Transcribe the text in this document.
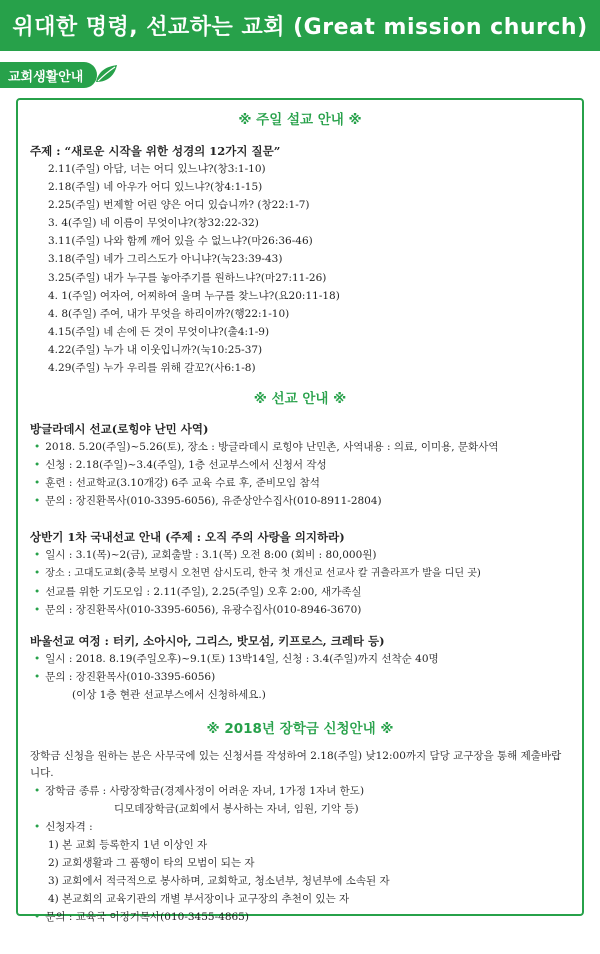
위대한 명령, 선교하는 교회 (Great mission church)
교회생활안내
※ 주일 설교 안내 ※
주제 : “새로운 시작을 위한 성경의 12가지 질문”
2.11(주일) 아담, 너는 어디 있느냐?(창3:1-10)
2.18(주일) 네 아우가 어디 있느냐?(창4:1-15)
2.25(주일) 번제할 어린 양은 어디 있습니까? (창22:1-7)
3. 4(주일) 네 이름이 무엇이냐?(창32:22-32)
3.11(주일) 나와 함께 깨어 있을 수 없느냐?(마26:36-46)
3.18(주일) 네가 그리스도가 아니냐?(눅23:39-43)
3.25(주일) 내가 누구를 놓아주기를 원하느냐?(마27:11-26)
4. 1(주일) 여자여, 어찌하여 울며 누구를 찾느냐?(요20:11-18)
4. 8(주일) 주여, 내가 무엇을 하리이까?(행22:1-10)
4.15(주일) 네 손에 든 것이 무엇이냐?(출4:1-9)
4.22(주일) 누가 내 이웃입니까?(눅10:25-37)
4.29(주일) 누가 우리를 위해 갈꼬?(사6:1-8)
※ 선교 안내 ※
방글라데시 선교(로힝야 난민 사역)
• 2018. 5.20(주일)~5.26(토), 장소 : 방글라데시 로힝야 난민촌, 사역내용 : 의료, 이미용, 문화사역
• 신청 : 2.18(주일)~3.4(주일), 1층 선교부스에서 신청서 작성
• 훈련 : 선교학교(3.10개강) 6주 교육 수료 후, 준비모임 참석
• 문의 : 장진환목사(010-3395-6056), 유준상안수집사(010-8911-2804)
상반기 1차 국내선교 안내 (주제 : 오직 주의 사랑을 의지하라)
• 일시 : 3.1(목)~2(금), 교회출발 : 3.1(목) 오전 8:00 (회비 : 80,000원)
• 장소 : 고대도교회(충북 보령시 오천면 삽시도리, 한국 첫 개신교 선교사 칼 귀츨라프가 발을 디딘 곳)
• 선교를 위한 기도모임 : 2.11(주일), 2.25(주일) 오후 2:00, 새가족실
• 문의 : 장진환목사(010-3395-6056), 유광수집사(010-8946-3670)
바울선교 여정 : 터키, 소아시아, 그리스, 밧모섬, 키프로스, 크레타 등)
• 일시 : 2018. 8.19(주일오후)~9.1(토) 13박14일, 신청 : 3.4(주일)까지 선착순 40명
• 문의 : 장진환목사(010-3395-6056)
(이상 1층 현관 선교부스에서 신청하세요.)
※ 2018년 장학금 신청안내 ※
장학금 신청을 원하는 분은 사무국에 있는 신청서를 작성하여 2.18(주일) 낮12:00까지 담당 교구장을 통해 제출바랍니다.
• 장학금 종류 : 사랑장학금(경제사정이 어려운 자녀, 1가정 1자녀 한도)
디모데장학금(교회에서 봉사하는 자녀, 임원, 기악 등)
• 신청자격 :
1) 본 교회 등록한지 1년 이상인 자
2) 교회생활과 그 품행이 타의 모범이 되는 자
3) 교회에서 적극적으로 봉사하며, 교회학교, 청소년부, 청년부에 소속된 자
4) 본교회의 교육기관의 개별 부서장이나 교구장의 추천이 있는 자
• 문의 : 교육국 이정기목사(010-3455-4865)
